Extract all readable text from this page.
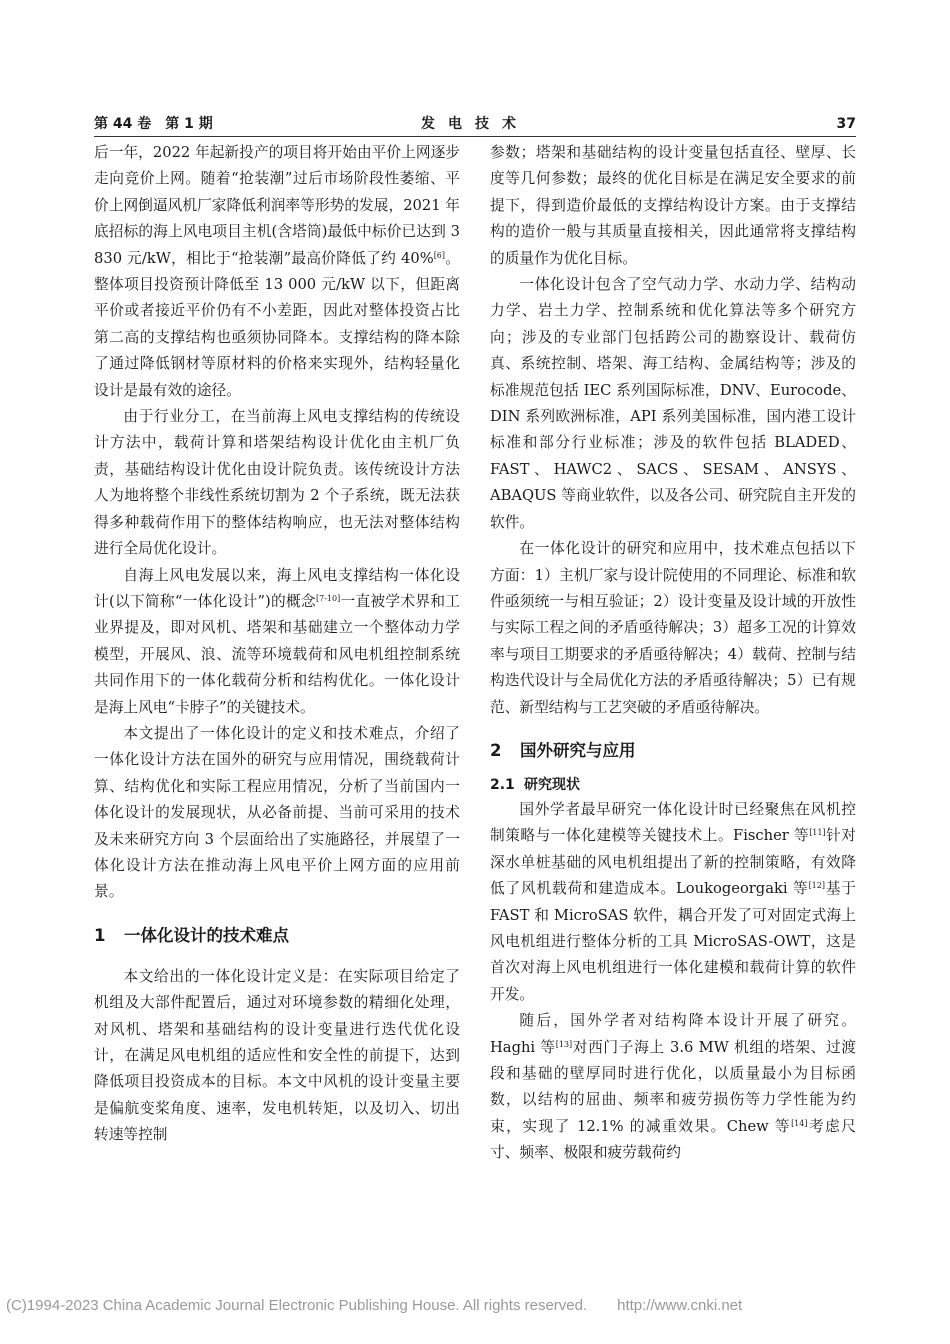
第 44 卷　第 1 期	发电技术	37

后一年，2022 年起新投产的项目将开始由平价上网逐步走向竞价上网。随着“抢装潮”过后市场阶段性萎缩、平价上网倒逼风机厂家降低利润率等形势的发展，2021 年底招标的海上风电项目主机(含塔筒)最低中标价已达到 3 830 元/kW，相比于“抢装潮”最高价降低了约 40%[6]。整体项目投资预计降低至 13 000 元/kW 以下，但距离平价或者接近平价仍有不小差距，因此对整体投资占比第二高的支撑结构也亟须协同降本。支撑结构的降本除了通过降低钢材等原材料的价格来实现外，结构轻量化设计是最有效的途径。

由于行业分工，在当前海上风电支撑结构的传统设计方法中，载荷计算和塔架结构设计优化由主机厂负责，基础结构设计优化由设计院负责。该传统设计方法人为地将整个非线性系统切割为 2 个子系统，既无法获得多种载荷作用下的整体结构响应，也无法对整体结构进行全局优化设计。

自海上风电发展以来，海上风电支撑结构一体化设计(以下简称“一体化设计”)的概念[7-10]一直被学术界和工业界提及，即对风机、塔架和基础建立一个整体动力学模型，开展风、浪、流等环境载荷和风电机组控制系统共同作用下的一体化载荷分析和结构优化。一体化设计是海上风电“卡脖子”的关键技术。

本文提出了一体化设计的定义和技术难点，介绍了一体化设计方法在国外的研究与应用情况，围绕载荷计算、结构优化和实际工程应用情况，分析了当前国内一体化设计的发展现状，从必备前提、当前可采用的技术及未来研究方向 3 个层面给出了实施路径，并展望了一体化设计方法在推动海上风电平价上网方面的应用前景。

1 一体化设计的技术难点

本文给出的一体化设计定义是：在实际项目给定了机组及大部件配置后，通过对环境参数的精细化处理，对风机、塔架和基础结构的设计变量进行迭代优化设计，在满足风电机组的适应性和安全性的前提下，达到降低项目投资成本的目标。本文中风机的设计变量主要是偏航变桨角度、速率，发电机转矩，以及切入、切出转速等控制

参数；塔架和基础结构的设计变量包括直径、壁厚、长度等几何参数；最终的优化目标是在满足安全要求的前提下，得到造价最低的支撑结构设计方案。由于支撑结构的造价一般与其质量直接相关，因此通常将支撑结构的质量作为优化目标。

一体化设计包含了空气动力学、水动力学、结构动力学、岩土力学、控制系统和优化算法等多个研究方向；涉及的专业部门包括跨公司的勘察设计、载荷仿真、系统控制、塔架、海工结构、金属结构等；涉及的标准规范包括 IEC 系列国际标准，DNV、Eurocode、DIN 系列欧洲标准，API 系列美国标准，国内港工设计标准和部分行业标准；涉及的软件包括 BLADED、FAST、HAWC2、SACS、SESAM、ANSYS、ABAQUS 等商业软件，以及各公司、研究院自主开发的软件。

在一体化设计的研究和应用中，技术难点包括以下方面：1）主机厂家与设计院使用的不同理论、标准和软件亟须统一与相互验证；2）设计变量及设计域的开放性与实际工程之间的矛盾亟待解决；3）超多工况的计算效率与项目工期要求的矛盾亟待解决；4）载荷、控制与结构迭代设计与全局优化方法的矛盾亟待解决；5）已有规范、新型结构与工艺突破的矛盾亟待解决。

2 国外研究与应用
2.1 研究现状

国外学者最早研究一体化设计时已经聚焦在风机控制策略与一体化建模等关键技术上。Fischer 等[11]针对深水单桩基础的风电机组提出了新的控制策略，有效降低了风机载荷和建造成本。Loukogeorgaki 等[12]基于 FAST 和 MicroSAS 软件，耦合开发了可对固定式海上风电机组进行整体分析的工具 MicroSAS-OWT，这是首次对海上风电机组进行一体化建模和载荷计算的软件开发。

随后，国外学者对结构降本设计开展了研究。Haghi 等[13]对西门子海上 3.6 MW 机组的塔架、过渡段和基础的壁厚同时进行优化，以质量最小为目标函数，以结构的屈曲、频率和疲劳损伤等力学性能为约束，实现了 12.1% 的减重效果。Chew 等[14]考虑尺寸、频率、极限和疲劳载荷约

(C)1994-2023 China Academic Journal Electronic Publishing House. All rights reserved.　　http://www.cnki.net
